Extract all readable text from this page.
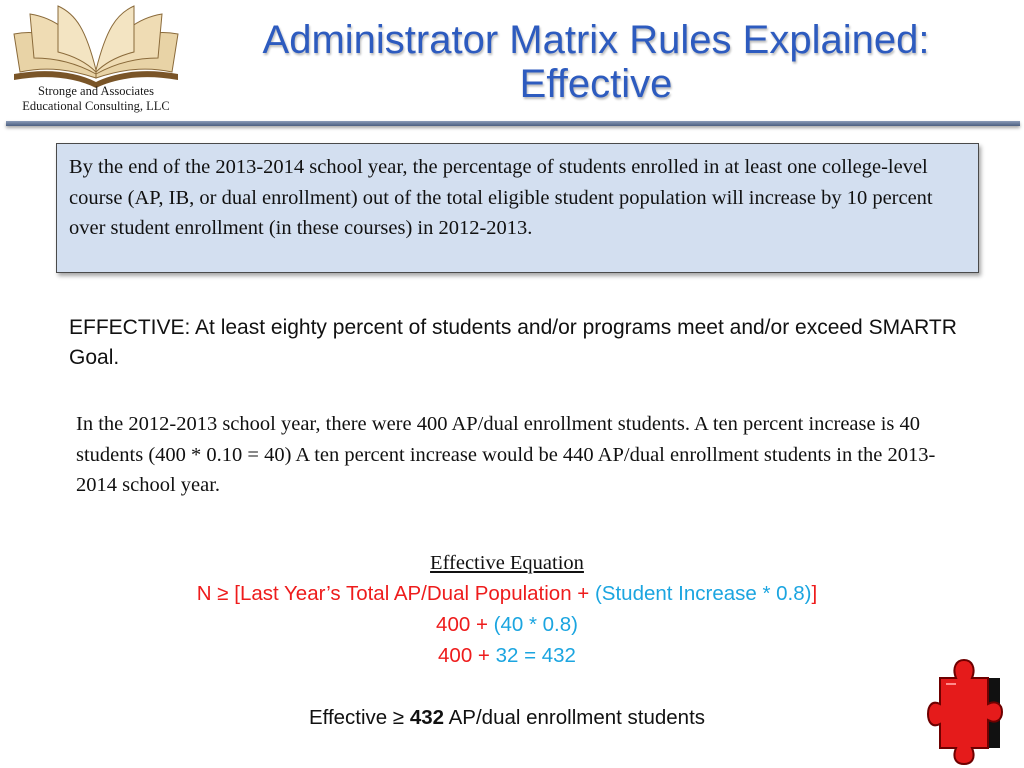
Stronge and Associates
Educational Consulting, LLC
Administrator Matrix Rules Explained:
Effective
By the end of the 2013-2014 school year, the percentage of students enrolled in at least one college-level course (AP, IB, or dual enrollment) out of the total eligible student population will increase by 10 percent over student enrollment (in these courses) in 2012-2013.
EFFECTIVE: At least eighty percent of students and/or programs meet and/or exceed SMARTR Goal.
In the 2012-2013 school year, there were 400 AP/dual enrollment students. A ten percent increase is 40 students (400 * 0.10 = 40) A ten percent increase would be 440 AP/dual enrollment students in the 2013-2014 school year.
Effective Equation
N ≥ [Last Year’s Total AP/Dual Population + (Student Increase * 0.8)]
400 + (40 * 0.8)
400 + 32 = 432
Effective ≥ 432 AP/dual enrollment students
